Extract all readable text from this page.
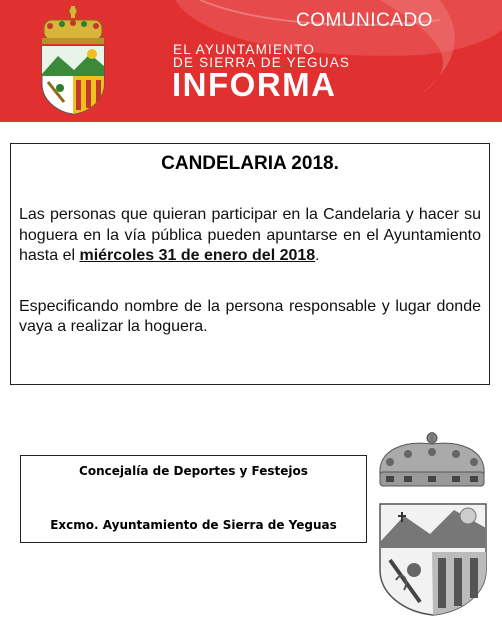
COMUNICADO
EL AYUNTAMIENTO
DE SIERRA DE YEGUAS
INFORMA
CANDELARIA 2018.

Las personas que quieran participar en la Candelaria y hacer su hoguera en la vía pública pueden apuntarse en el Ayuntamiento hasta el miércoles 31 de enero del 2018.

Especificando nombre de la persona responsable y lugar donde vaya a realizar la hoguera.

Concejalía de Deportes y Festejos
Excmo. Ayuntamiento de Sierra de Yeguas
